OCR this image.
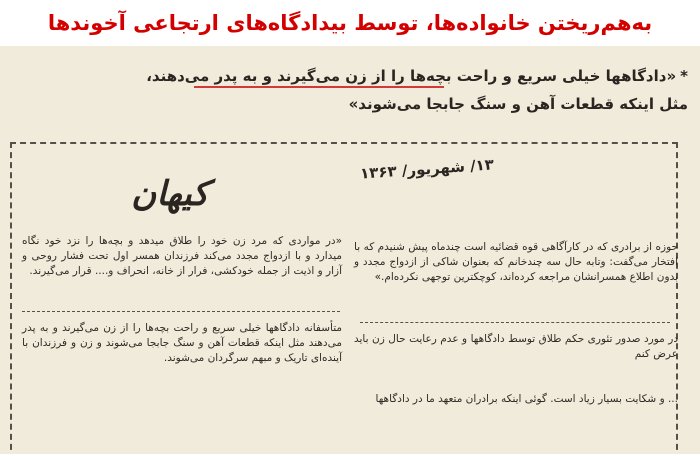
به‌هم‌ریختن خانواده‌ها، توسط بیدادگاه‌های ارتجاعی آخوندها
*«دادگاهها خیلی سریع و راحت بچه‌ها را از زن می‌گیرند و به پدر می‌دهند،
مثل اینکه قطعات آهن و سنگ جابجا می‌شوند»
کیهان
۱۳/ شهریور/ ۱۳۶۳

حوزه از برادری که در کارآگاهی قوه قضائیه است چندماه پیش شنیدم که با افتخار می‌گفت: وتابه حال سه چندخانم که بعنوان شاکی از ازدواج مجدد و بدون اطلاع همسرانشان مراجعه کرده‌اند، کوچکترین توجهی نکرده‌ام.»

در مورد صدور تئوری حکم طلاق توسط دادگاهها و عدم رعایت حال زن باید عرض کنم

... و شکایت بسیار زیاد است. گوئی اینکه برادران متعهد ما در دادگاهها

«در مواردی که مرد زن خود را طلاق میدهد و بچه‌ها را نزد خود نگاه میدارد و با ازدواج مجدد می‌کند فرزندان همسر اول تحت فشار روحی و آزار و اذیت از جمله خودکشی، فرار از خانه، انحراف و.... قرار می‌گیرند.

متأسفانه دادگاهها خیلی سریع و راحت بچه‌ها را از زن می‌گیرند و به پدر می‌دهند مثل اینکه قطعات آهن و سنگ جابجا می‌شوند و زن و فرزندان با آینده‌ای تاریک و مبهم سرگردان می‌شوند.
